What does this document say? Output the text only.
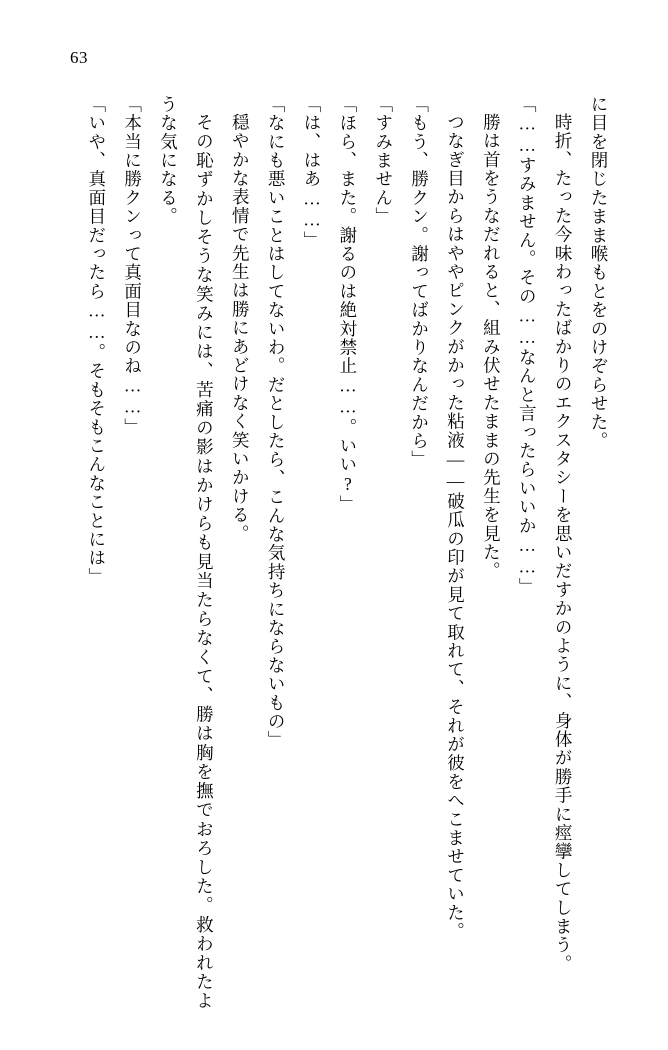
63

に目を閉じたまま喉もとをのけぞらせた。

時折、たった今味わったばかりのエクスタシーを思いだすかのように、身体が勝手に痙攣してしまう。

「……すみません。その……なんと言ったらいいか……」

勝は首をうなだれると、組み伏せたままの先生を見た。

つなぎ目からはややピンクがかった粘液――破瓜の印が見て取れて、それが彼をへこませていた。

「もう、勝クン。謝ってばかりなんだから」

「すみません」

「ほら、また。謝るのは絶対禁止……。いい?」

「は、はあ……」

「なにも悪いことはしてないわ。だとしたら、こんな気持ちにならないもの」

穏やかな表情で先生は勝にあどけなく笑いかける。

その恥ずかしそうな笑みには、苦痛の影はかけらも見当たらなくて、勝は胸を撫でおろした。救われたような気になる。

「本当に勝クンって真面目なのね……」

「いや、真面目だったら……。そもそもこんなことには」
